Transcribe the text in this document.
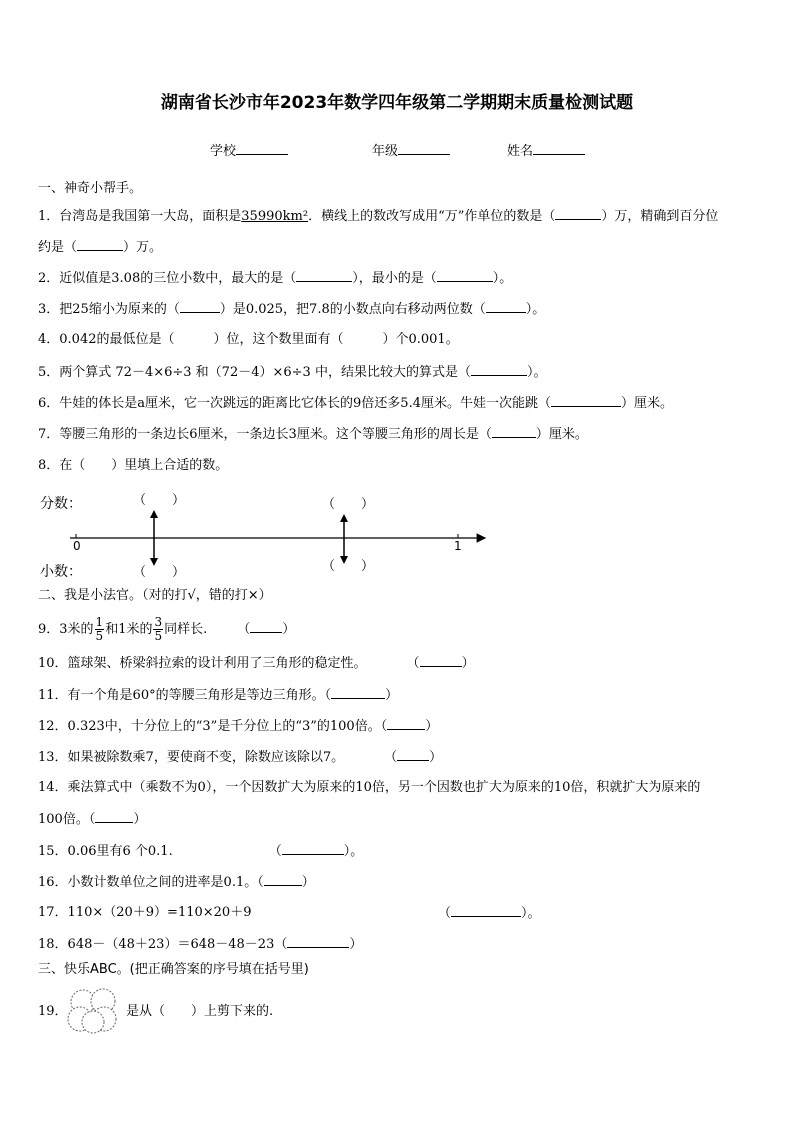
湖南省长沙市年2023年数学四年级第二学期期末质量检测试题
学校	年级	姓名
一、神奇小帮手。
1．台湾岛是我国第一大岛，面积是35990km²．横线上的数改写成用“万”作单位的数是（	）万，精确到百分位
约是（	）万。
2．近似值是3.08的三位小数中，最大的是（	），最小的是（	）。
3．把25缩小为原来的（	）是0.025，把7.8的小数点向右移动两位数（	）。
4．0.042的最低位是（　　　）位，这个数里面有（　　　）个0.001。
5．两个算式 72－4×6÷3 和（72－4）×6÷3 中，结果比较大的算式是（	）。
6．牛娃的体长是a厘米，它一次跳远的距离比它体长的9倍还多5.4厘米。牛娃一次能跳（	）厘米。
7．等腰三角形的一条边长6厘米，一条边长3厘米。这个等腰三角形的周长是（	）厘米。
8．在（　　）里填上合适的数。
分数：
小数：
0	1
（　　）
（　　）
（　　）
（　　）
二、我是小法官。（对的打√，错的打×）
9．3米的 $\frac{1}{5}$ 和1米的 $\frac{3}{5}$ 同样长. （ ）
10．篮球架、桥梁斜拉索的设计利用了三角形的稳定性。	（	）
11．有一个角是60°的等腰三角形是等边三角形。（	）
12．0.323中，十分位上的“3”是千分位上的“3”的100倍。（	）
13．如果被除数乘7，要使商不变，除数应该除以7。	（ ）
14．乘法算式中（乘数不为0），一个因数扩大为原来的10倍，另一个因数也扩大为原来的10倍，积就扩大为原来的
100倍。（	）
15．0.06里有6 个0.1.	（	）。
16．小数计数单位之间的进率是0.1。（	）
17．110×（20＋9）=110×20＋9	（	）。
18．648－（48＋23）＝648－48－23（	）
三、快乐ABC。(把正确答案的序号填在括号里)
19．	是从（　　）上剪下来的.
